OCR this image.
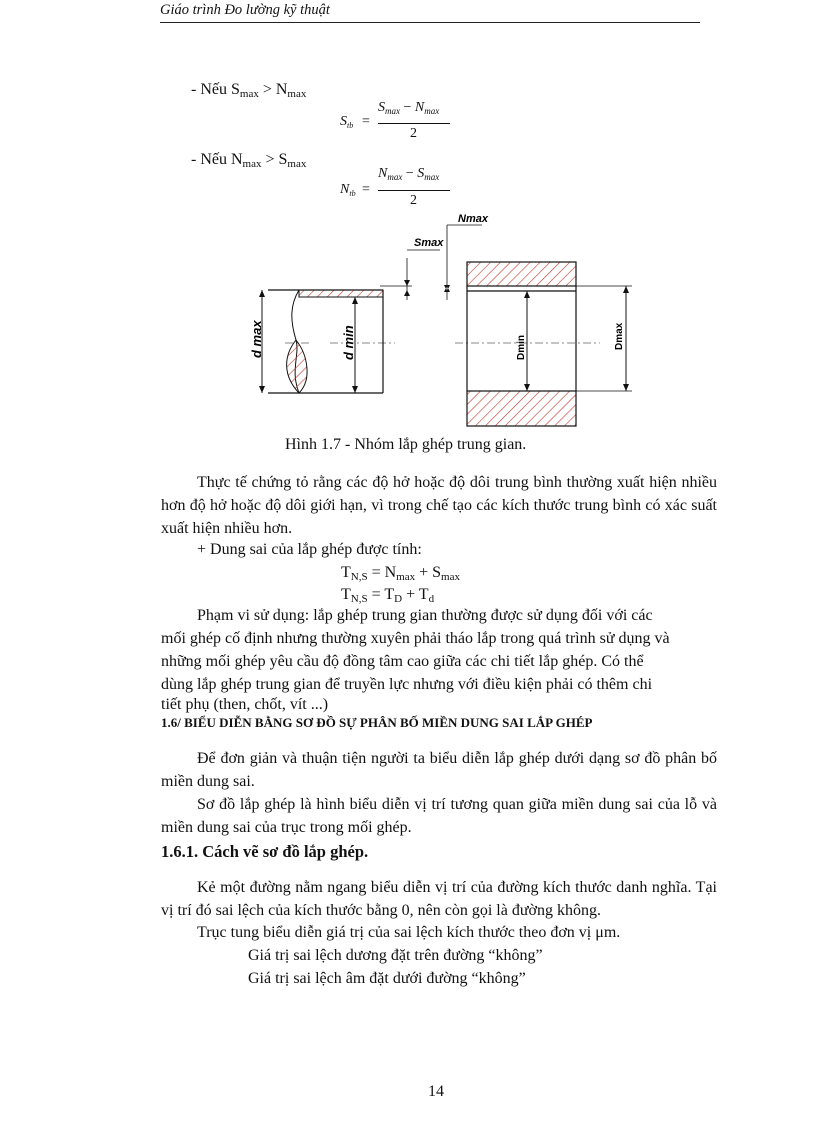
Giáo trình Đo lường kỹ thuật
- Nếu Smax > Nmax
$S_{tb}$ =
$S_{max} - N_{max}$
2
- Nếu Nmax > Smax
$N_{tb}$ =
$N_{max} - S_{max}$
2
Nmax
Smax
d max	d min	Dmin	Dmax
Hình 1.7 - Nhóm lắp ghép trung gian.
Thực tế chứng tỏ rằng các độ hở hoặc độ dôi trung bình thường xuất hiện nhiều hơn độ hở hoặc độ dôi giới hạn, vì trong chế tạo các kích thước trung bình có xác suất xuất hiện nhiều hơn.
+ Dung sai của lắp ghép được tính:
TN,S = Nmax + Smax
TN,S = TD + Td
Phạm vi sử dụng: lắp ghép trung gian thường được sử dụng đối với các
mối ghép cố định nhưng thường xuyên phải tháo lắp trong quá trình sử dụng và
những mối ghép yêu cầu độ đồng tâm cao giữa các chi tiết lắp ghép. Có thể
dùng lắp ghép trung gian để truyền lực nhưng với điều kiện phải có thêm chi
tiết phụ (then, chốt, vít ...)
1.6/ BIỂU DIỄN BẰNG SƠ ĐỒ SỰ PHÂN BỐ MIỀN DUNG SAI LẮP GHÉP
Để đơn giản và thuận tiện người ta biểu diễn lắp ghép dưới dạng sơ đồ phân bố miền dung sai.
Sơ đồ lắp ghép là hình biểu diễn vị trí tương quan giữa miền dung sai của lỗ và miền dung sai của trục trong mối ghép.
1.6.1. Cách vẽ sơ đồ lắp ghép.
Kẻ một đường nằm ngang biểu diễn vị trí của đường kích thước danh nghĩa. Tại vị trí đó sai lệch của kích thước bằng 0, nên còn gọi là đường không.
Trục tung biểu diễn giá trị của sai lệch kích thước theo đơn vị μm.
Giá trị sai lệch dương đặt trên đường “không”
Giá trị sai lệch âm đặt dưới đường “không”
14
